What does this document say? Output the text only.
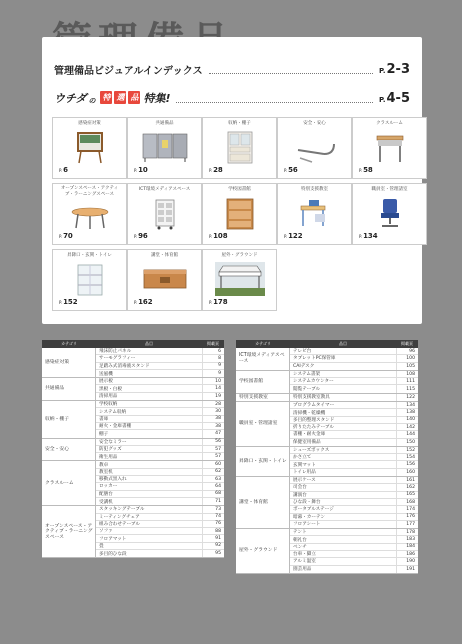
管理備品ビジュアルインデックス	P.2-3
ウチダ の 特 選 品 特集!	P.4-5
感染症対策
P.6
共通備品
P.10
収納・棚子
P.28
安全・安心
P.56
クラスルーム
P.58
オープンスペース・アクティブ・ラーニングスペース
P.70
ICT環境メディアスペース
P.96
学校図書館
P.108
特別支援教室
P.122
職員室・管理諸室
P.134
昇降口・玄関・トイレ
P.152
講堂・体育館
P.162
屋外・グラウンド
P.178
カテゴリ	品目	掲載頁
感染症対策
飛沫防止パネル	6
サーモグラフィー	8
足踏み式消毒液スタンド	9
送風機	9
共通備品
展示板	10
黒板・白板	14
清掃用品	19
収納・棚子
学校収納	28
システム収納	30
書庫	38
耐火・金庫書棚	38
棚子	47
安全・安心
安全なミラー	56
防犯グッズ	57
衛生用品	57
クラスルーム
教卓	60
教室机	62
移動式黒入れ	63
ロッカー	64
配膳台	68
受講机	71
オープンスペース・アクティブ・ラーニングスペース
スタッキングテーブル	73
ミーティングチェア	74
組み合わせテーブル	76
ソファ	88
フロアマット	91
畳	92
多目的ひな段	95
カテゴリ	品目	掲載頁
ICT環境メディアスペース
テレビ台	96
タブレットPC保管庫	100
CAIデスク	105
学校図書館
システム書架	108
システムカウンター	111
閲覧テーブル	115
特別支援教室	特別支援教室教具	122
職員室・管理諸室
プログラムタイマー	134
清掃機・乾燥機	138
多目的整理スタンド	140
折りたたみテーブル	142
書棚・耐火金庫	144
保健室用備品	150
昇降口・玄関・トイレ
シューズボックス	152
かさ立て	154
玄関マット	156
トイレ用品	160
講堂・体育館
展示ケース	161
司会台	162
講演台	165
ひな段・舞台	168
ポータブルステージ	174
暗幕・カーテン	176
フロアシート	177
屋外・グラウンド
テント	178
朝礼台	183
ベンチ	184
台車・脚立	186
アルミ温室	190
園芸用品	191
